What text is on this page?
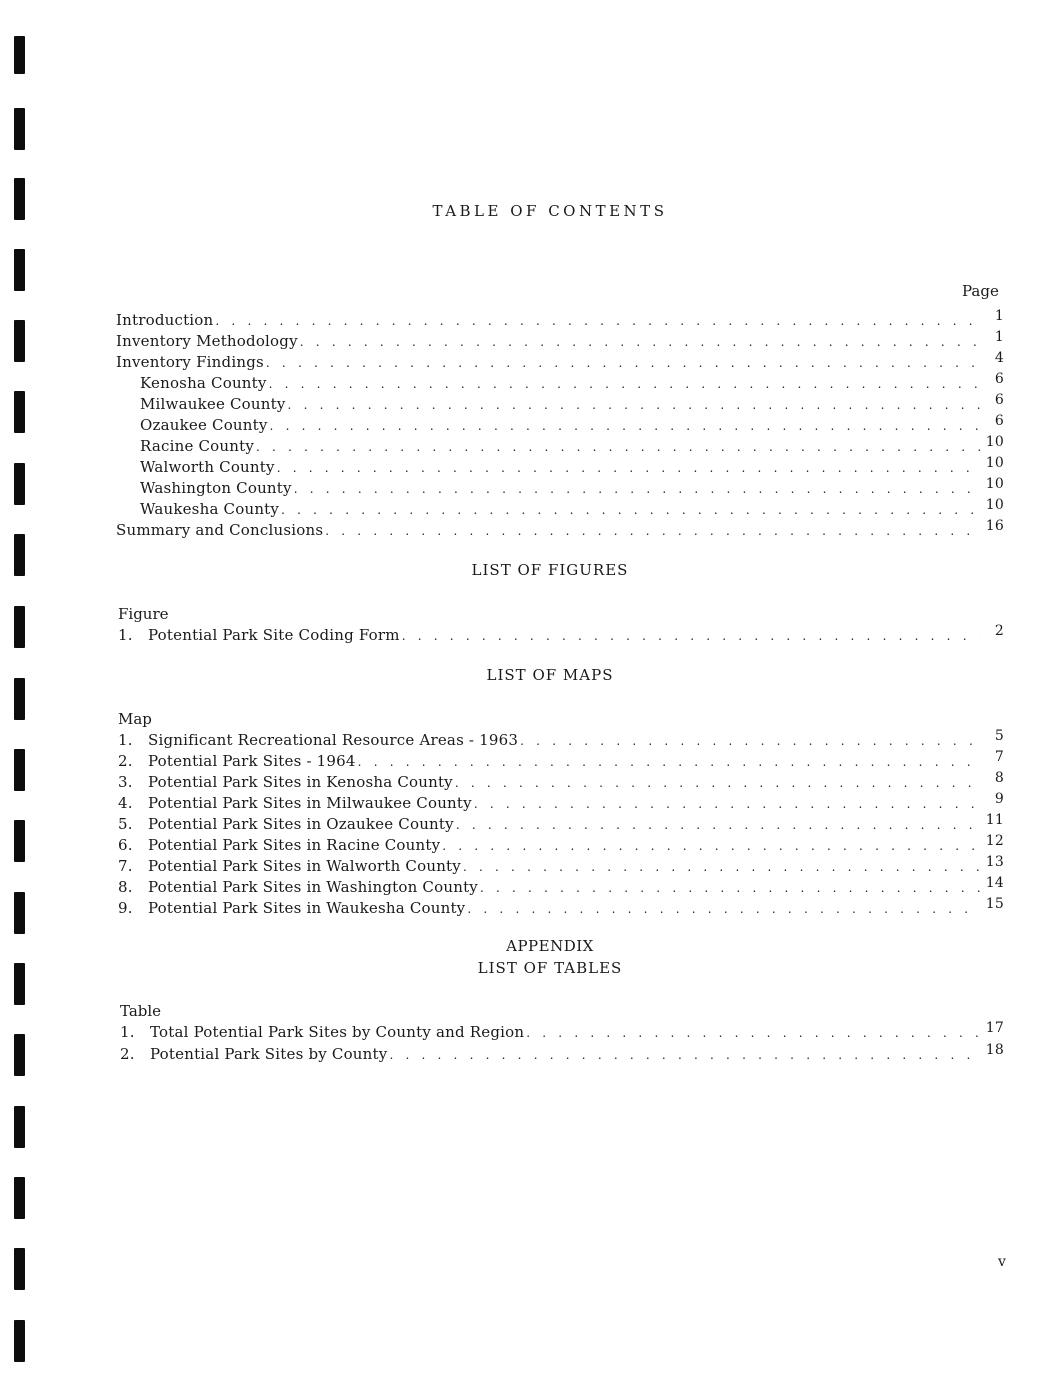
TABLE OF CONTENTS
Page
Introduction . . .	1
Inventory Methodology . . .	1
Inventory Findings . . .	4
Kenosha County . . .	6
Milwaukee County . . .	6
Ozaukee County . . .	6
Racine County . . .	10
Walworth County . . .	10
Washington County . . .	10
Waukesha County . . .	10
Summary and Conclusions . . .	16
LIST OF FIGURES
Figure
1.	Potential Park Site Coding Form . . .	2
LIST OF MAPS
Map
1.	Significant Recreational Resource Areas - 1963 . . .	5
2.	Potential Park Sites - 1964 . . .	7
3.	Potential Park Sites in Kenosha County . . .	8
4.	Potential Park Sites in Milwaukee County . . .	9
5.	Potential Park Sites in Ozaukee County . . .	11
6.	Potential Park Sites in Racine County . . .	12
7.	Potential Park Sites in Walworth County . . .	13
8.	Potential Park Sites in Washington County . . .	14
9.	Potential Park Sites in Waukesha County . . .	15
APPENDIX
LIST OF TABLES
Table
1.	Total Potential Park Sites by County and Region . . .	17
2.	Potential Park Sites by County . . .	18
v
